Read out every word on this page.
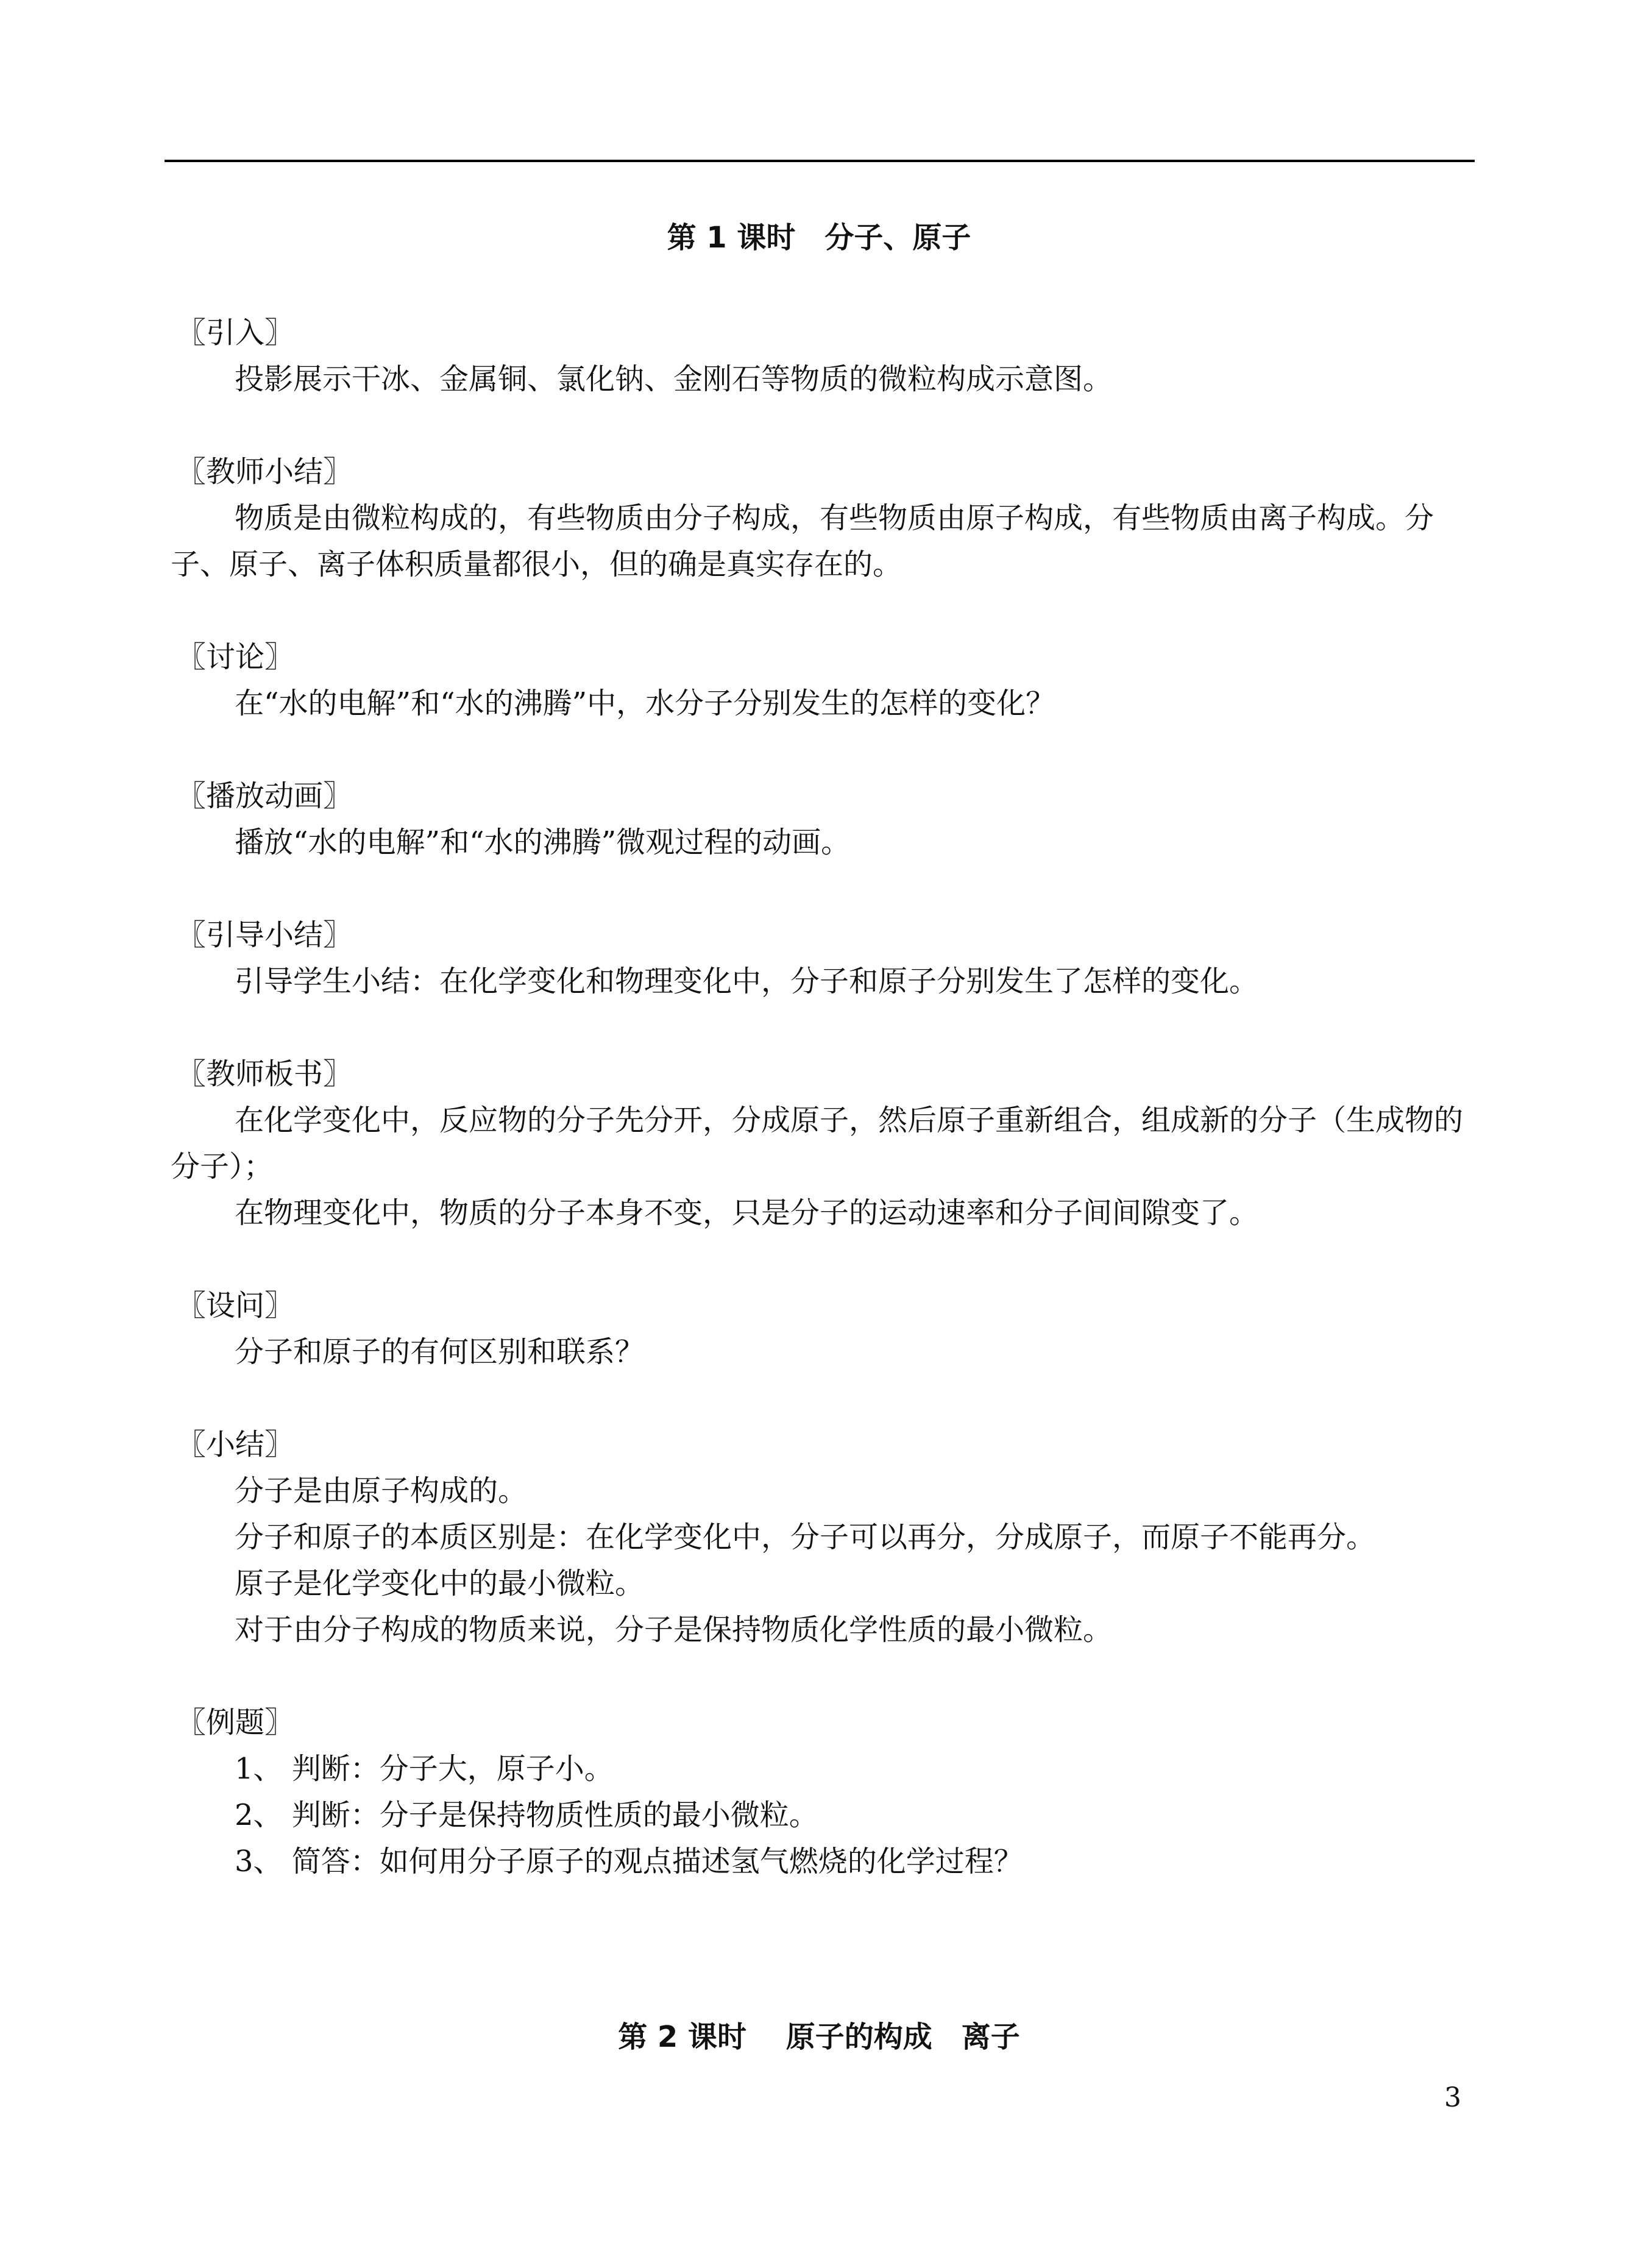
第 1 课时　分子、原子
〖引入〗
投影展示干冰、金属铜、氯化钠、金刚石等物质的微粒构成示意图。
〖教师小结〗
物质是由微粒构成的，有些物质由分子构成，有些物质由原子构成，有些物质由离子构成。分子、原子、离子体积质量都很小，但的确是真实存在的。
〖讨论〗
在“水的电解”和“水的沸腾”中，水分子分别发生的怎样的变化？
〖播放动画〗
播放“水的电解”和“水的沸腾”微观过程的动画。
〖引导小结〗
引导学生小结：在化学变化和物理变化中，分子和原子分别发生了怎样的变化。
〖教师板书〗
在化学变化中，反应物的分子先分开，分成原子，然后原子重新组合，组成新的分子（生成物的分子）；
在物理变化中，物质的分子本身不变，只是分子的运动速率和分子间间隙变了。
〖设问〗
分子和原子的有何区别和联系？
〖小结〗
分子是由原子构成的。
分子和原子的本质区别是：在化学变化中，分子可以再分，分成原子，而原子不能再分。
原子是化学变化中的最小微粒。
对于由分子构成的物质来说，分子是保持物质化学性质的最小微粒。
〖例题〗
1、 判断：分子大，原子小。
2、 判断：分子是保持物质性质的最小微粒。
3、 简答：如何用分子原子的观点描述氢气燃烧的化学过程？
第 2 课时　 原子的构成　离子
3
